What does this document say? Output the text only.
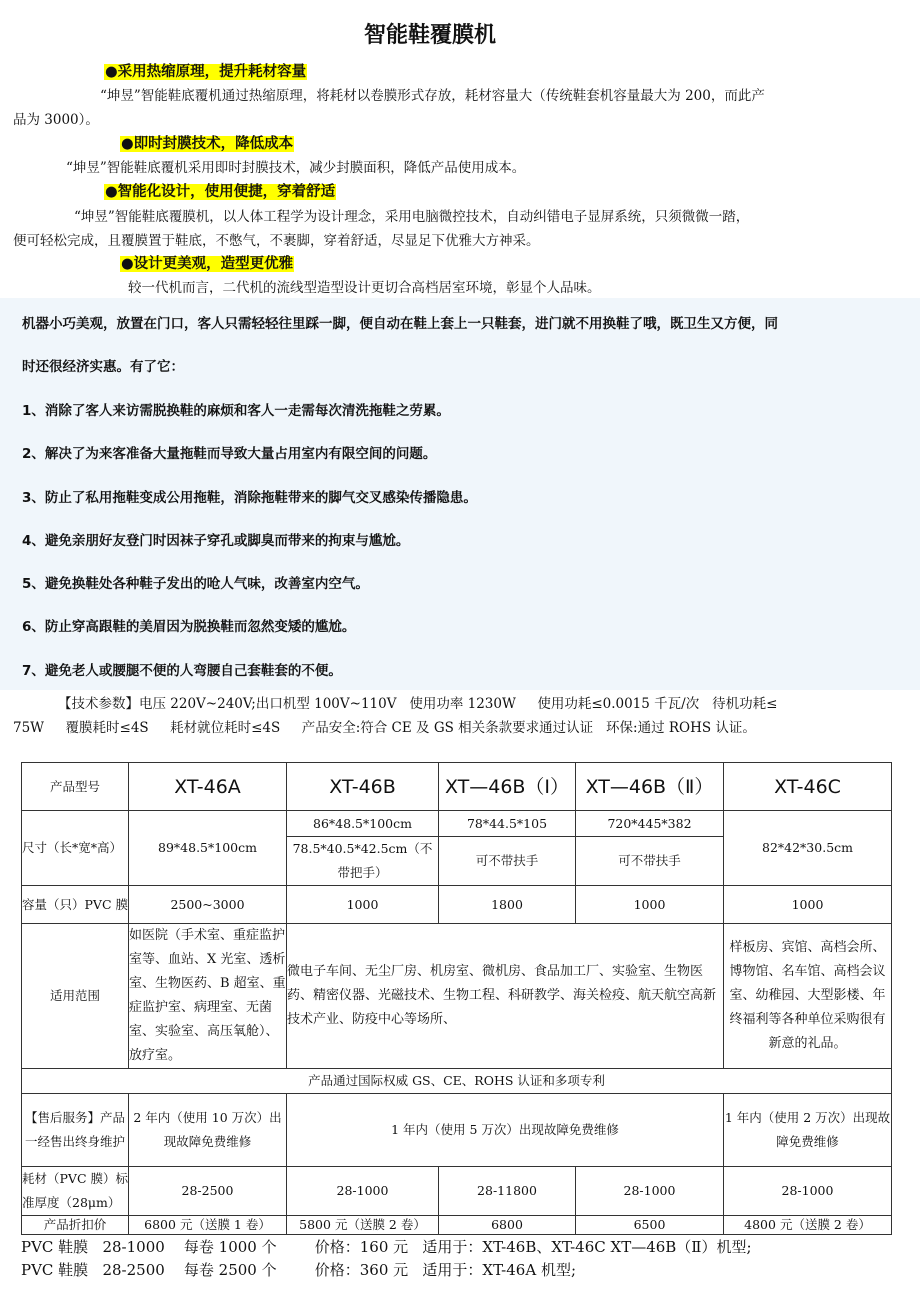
智能鞋覆膜机
●采用热缩原理，提升耗材容量
“坤昱”智能鞋底覆机通过热缩原理，将耗材以卷膜形式存放，耗材容量大（传统鞋套机容量最大为 200，而此产
品为 3000）。
●即时封膜技术，降低成本
“坤昱”智能鞋底覆机采用即时封膜技术，减少封膜面积，降低产品使用成本。
●智能化设计，使用便捷，穿着舒适
“坤昱”智能鞋底覆膜机，以人体工程学为设计理念，采用电脑微控技术，自动纠错电子显屏系统，只须微微一踏，
便可轻松完成，且覆膜置于鞋底，不憋气，不裹脚，穿着舒适，尽显足下优雅大方神采。
●设计更美观，造型更优雅
较一代机而言，二代机的流线型造型设计更切合高档居室环境，彰显个人品味。
机器小巧美观，放置在门口，客人只需轻轻往里踩一脚，便自动在鞋上套上一只鞋套，进门就不用换鞋了哦，既卫生又方便，同
时还很经济实惠。有了它：
1、消除了客人来访需脱换鞋的麻烦和客人一走需每次清洗拖鞋之劳累。
2、解决了为来客准备大量拖鞋而导致大量占用室内有限空间的问题。
3、防止了私用拖鞋变成公用拖鞋，消除拖鞋带来的脚气交叉感染传播隐患。
4、避免亲朋好友登门时因袜子穿孔或脚臭而带来的拘束与尴尬。
5、避免换鞋处各种鞋子发出的呛人气味，改善室内空气。
6、防止穿高跟鞋的美眉因为脱换鞋而忽然变矮的尴尬。
7、避免老人或腰腿不便的人弯腰自己套鞋套的不便。
【技术参数】电压 220V~240V;出口机型 100V~110V   使用功率 1230W     使用功耗≤0.0015 千瓦/次   待机功耗≤
75W     覆膜耗时≤4S     耗材就位耗时≤4S     产品安全:符合 CE 及 GS 相关条款要求通过认证   环保:通过 ROHS 认证。
产品型号	XT-46A	XT-46B	XT—46B（Ⅰ）	XT—46B（Ⅱ）	XT-46C
尺寸（长*宽*高）	89*48.5*100cm	86*48.5*100cm	78*44.5*105	720*445*382	82*42*30.5cm
		78.5*40.5*42.5cm（不带把手）	可不带扶手	可不带扶手	
容量（只）PVC 膜	2500~3000	1000	1800	1000	1000
适用范围	如医院（手术室、重症监护室等、血站、X 光室、透析室、生物医药、B 超室、重症监护室、病理室、无菌室、实验室、高压氧舱）、放疗室。	微电子车间、无尘厂房、机房室、微机房、食品加工厂、实验室、生物医药、精密仪器、光磁技术、生物工程、科研教学、海关检疫、航天航空高新技术产业、防疫中心等场所、			样板房、宾馆、高档会所、博物馆、名车馆、高档会议室、幼稚园、大型影楼、年终福利等各种单位采购很有新意的礼品。
产品通过国际权威 GS、CE、ROHS 认证和多项专利					
【售后服务】产品一经售出终身维护	2 年内（使用 10 万次）出现故障免费维修	1 年内（使用 5 万次）出现故障免费维修			1 年内（使用 2 万次）出现故障免费维修
耗材（PVC 膜）标准厚度（28μm）	28-2500	28-1000	28-11800	28-1000	28-1000
产品折扣价	6800 元（送膜 1 卷）	5800 元（送膜 2 卷）	6800	6500	4800 元（送膜 2 卷）
PVC 鞋膜   28-1000    每卷 1000 个        价格：160 元   适用于：XT-46B、XT-46C XT—46B（Ⅱ）机型;
PVC 鞋膜   28-2500    每卷 2500 个        价格：360 元   适用于：XT-46A 机型;
